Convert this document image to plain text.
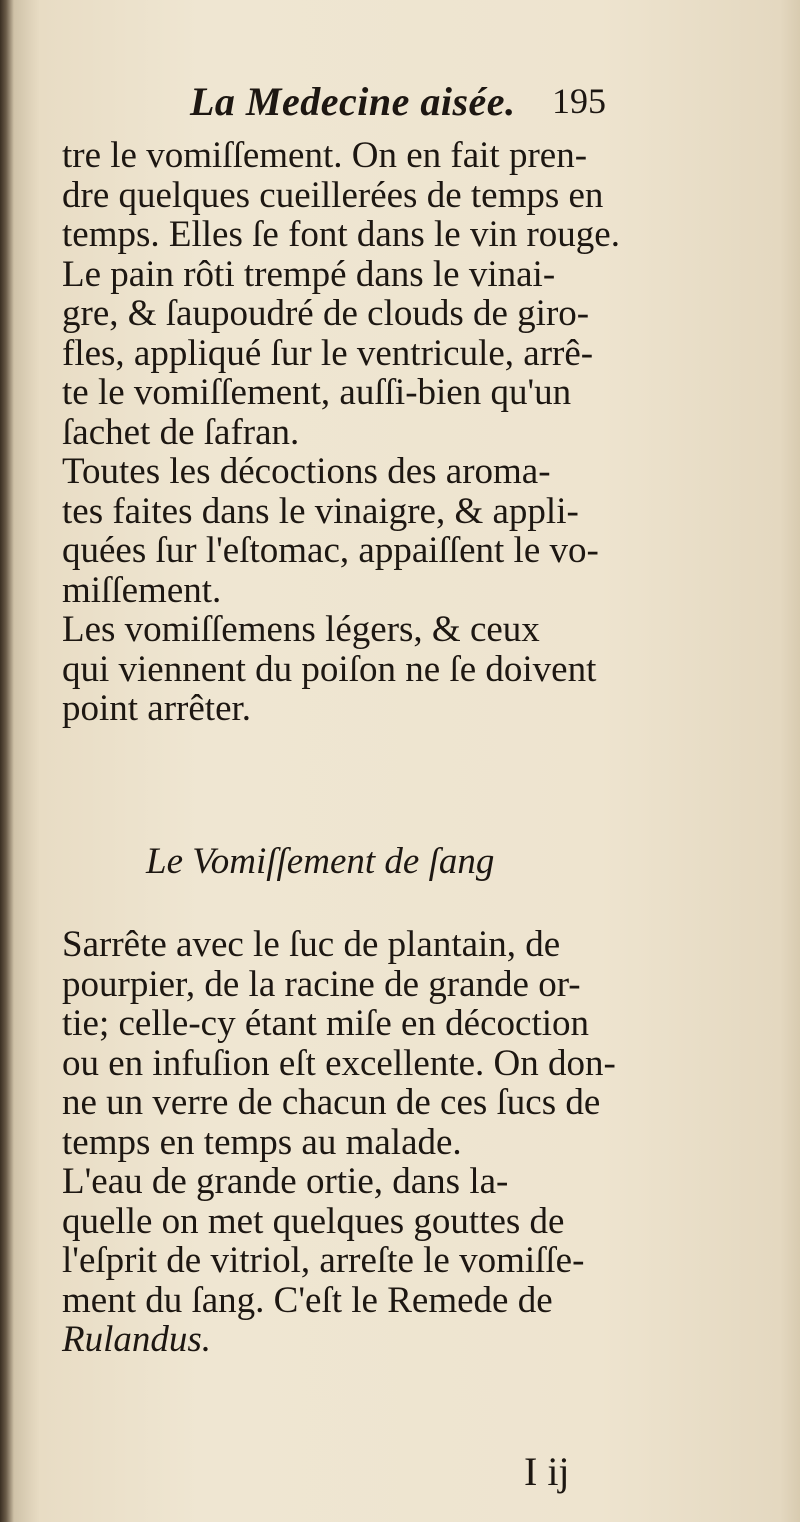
La Medecine aisée. 195
tre le vomiſſement. On en fait pren-
dre quelques cueillerées de temps en
temps. Elles ſe font dans le vin rouge.
Le pain rôti trempé dans le vinai-
gre, & ſaupoudré de clouds de giro-
fles, appliqué ſur le ventricule, arrê-
te le vomiſſement, auſſi-bien qu'un
ſachet de ſafran.
Toutes les décoctions des aroma-
tes faites dans le vinaigre, & appli-
quées ſur l'eſtomac, appaiſſent le vo-
miſſement.
Les vomiſſemens légers, & ceux
qui viennent du poiſon ne ſe doivent
point arrêter.
Le Vomiſſement de ſang
Sarrête avec le ſuc de plantain, de
pourpier, de la racine de grande or-
tie; celle-cy étant miſe en décoction
ou en infuſion eſt excellente. On don-
ne un verre de chacun de ces ſucs de
temps en temps au malade.
L'eau de grande ortie, dans la-
quelle on met quelques gouttes de
l'eſprit de vitriol, arreſte le vomiſſe-
ment du ſang. C'eſt le Remede de
Rulandus.
I ij
